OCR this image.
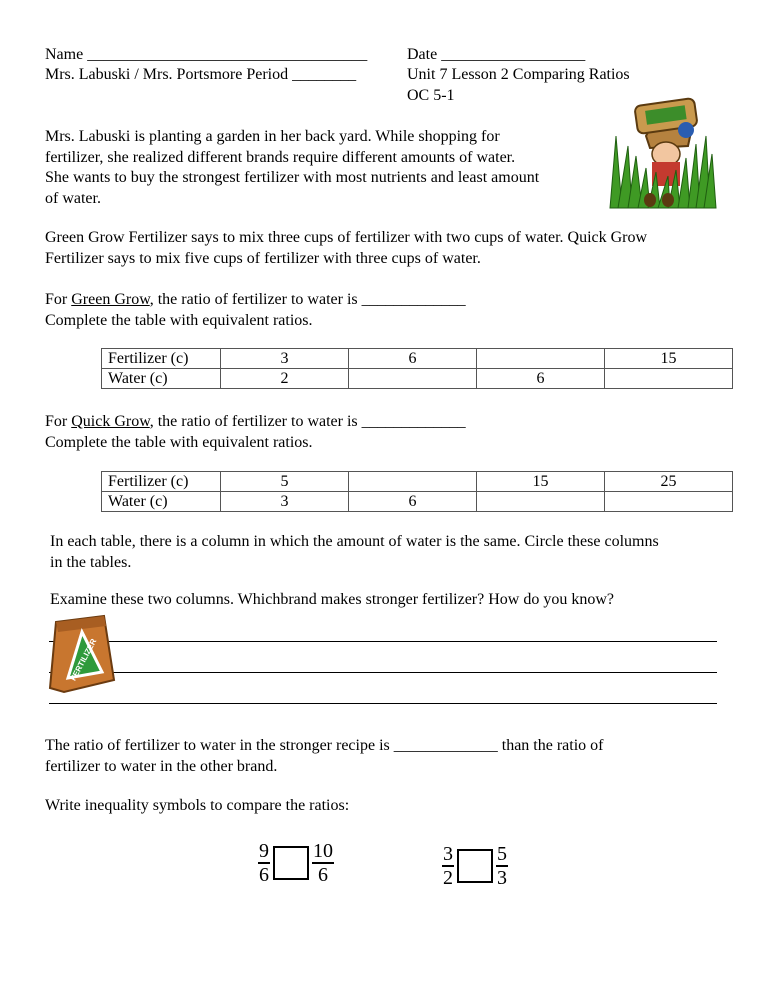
Name ___________________________________ Date __________________
Mrs. Labuski / Mrs. Portsmore Period ________	Unit 7 Lesson 2 Comparing Ratios
OC 5-1
Mrs. Labuski is planting a garden in her back yard. While shopping for
fertilizer, she realized different brands require different amounts of water.
She wants to buy the strongest fertilizer with most nutrients and least amount
of water.
Green Grow Fertilizer says to mix three cups of fertilizer with two cups of water. Quick Grow
Fertilizer says to mix five cups of fertilizer with three cups of water.
For Green Grow, the ratio of fertilizer to water is _____________
Complete the table with equivalent ratios.
Fertilizer (c)	3	6		15
Water (c)	2		6	
For Quick Grow, the ratio of fertilizer to water is _____________
Complete the table with equivalent ratios.
Fertilizer (c)	5		15	25
Water (c)	3	6		
In each table, there is a column in which the amount of water is the same. Circle these columns
in the tables.
Examine these two columns. Whichbrand makes stronger fertilizer? How do you know?
FERTILIZER
The ratio of fertilizer to water in the stronger recipe is _____________ than the ratio of
fertilizer to water in the other brand.
Write inequality symbols to compare the ratios:
9
6
10
6
3
2
5
3
